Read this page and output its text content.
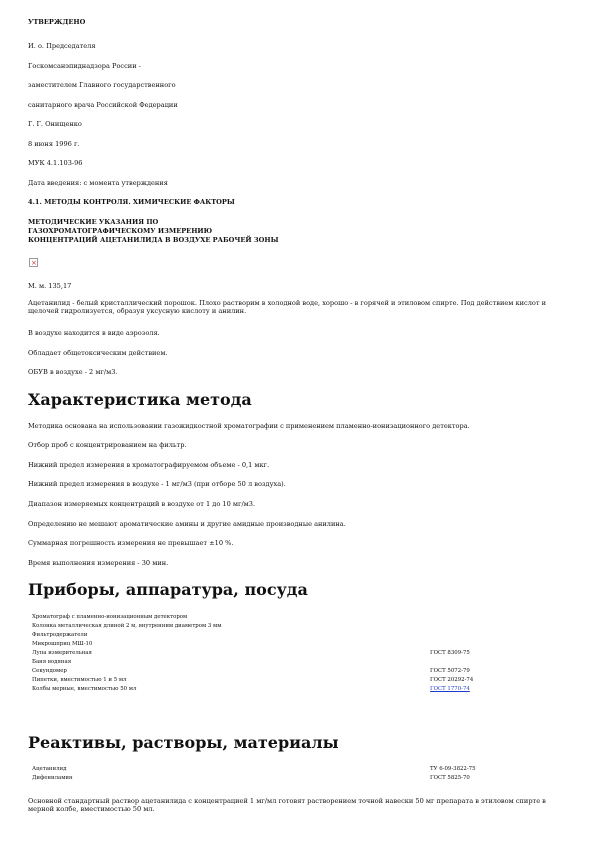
УТВЕРЖДЕНО

И. о. Председателя

Госкомсанэпиднадзора России -

заместителем Главного государственного

санитарного врача Российской Федерации

Г. Г. Онищенко

8 июня 1996 г.

МУК 4.1.103-96

Дата введения: с момента утверждения

4.1. МЕТОДЫ КОНТРОЛЯ. ХИМИЧЕСКИЕ ФАКТОРЫ

МЕТОДИЧЕСКИЕ УКАЗАНИЯ ПО

ГАЗОХРОМАТОГРАФИЧЕСКОМУ ИЗМЕРЕНИЮ

КОНЦЕНТРАЦИЙ АЦЕТАНИЛИДА В ВОЗДУХЕ РАБОЧЕЙ ЗОНЫ

×

М. м. 135,17

Ацетанилид - белый кристаллический порошок. Плохо растворим в холодной воде, хорошо - в горячей и этиловом спирте. Под действием кислот и щелочей гидролизуется, образуя уксусную кислоту и анилин.

В воздухе находится в виде аэрозоля.

Обладает общетоксическим действием.

ОБУВ в воздухе - 2 мг/м3.

Характеристика метода

Методика основана на использовании газожидкостной хроматографии с применением пламенно-ионизационного детектора.

Отбор проб с концентрированием на фильтр.

Нижний предел измерения в хроматографируемом объеме - 0,1 мкг.

Нижний предел измерения в воздухе - 1 мг/м3 (при отборе 50 л воздуха).

Диапазон измеряемых концентраций в воздухе от 1 до 10 мг/м3.

Определению не мешают ароматические амины и другие амидные производные анилина.

Суммарная погрешность измерения не превышает ±10 %.

Время выполнения измерения - 30 мин.

Приборы, аппаратура, посуда
Хроматограф с пламенно-ионизационным детектором	
Колонка металлическая длиной 2 м, внутренним диаметром 3 мм	
Фильтродержатели	
Микрошприц МШ-10	
Лупа измерительная	ГОСТ 8309-75
Баня водяная	
Секундомер	ГОСТ 5072-79
Пипетки, вместимостью 1 и 5 мл	ГОСТ 20292-74
Колбы мерные, вместимостью 50 мл	ГОСТ 1770-74
Реактивы, растворы, материалы
Ацетанилид	ТУ 6-09-3822-75
Дифениламин	ГОСТ 5825-70

Основной стандартный раствор ацетанилида с концентрацией 1 мг/мл готовят растворением точной навески 50 мг препарата в этиловом спирте в мерной колбе, вместимостью 50 мл.
